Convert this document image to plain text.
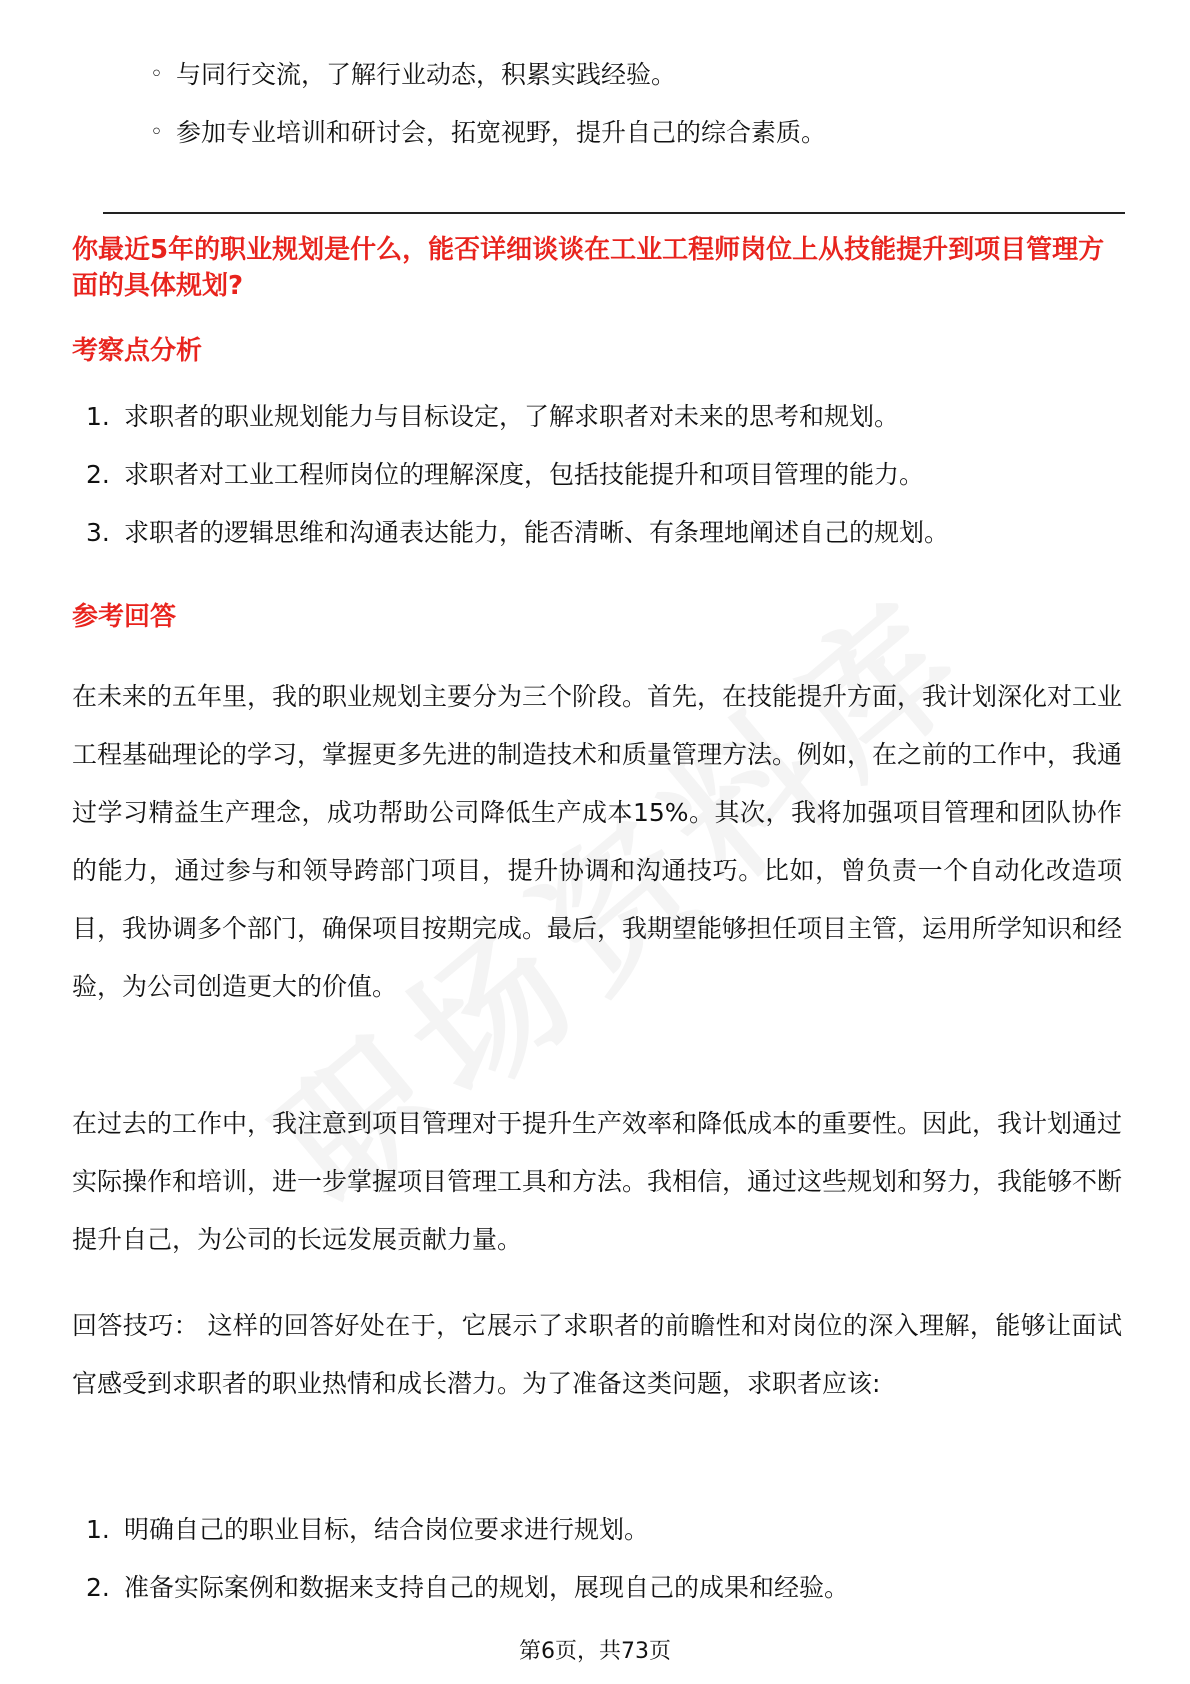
◦ 与同行交流，了解行业动态，积累实践经验。
◦ 参加专业培训和研讨会，拓宽视野，提升自己的综合素质。
你最近5年的职业规划是什么，能否详细谈谈在工业工程师岗位上从技能提升到项目管理方面的具体规划?
考察点分析
1. 求职者的职业规划能力与目标设定，了解求职者对未来的思考和规划。
2. 求职者对工业工程师岗位的理解深度，包括技能提升和项目管理的能力。
3. 求职者的逻辑思维和沟通表达能力，能否清晰、有条理地阐述自己的规划。
参考回答
在未来的五年里，我的职业规划主要分为三个阶段。首先，在技能提升方面，我计划深化对工业工程基础理论的学习，掌握更多先进的制造技术和质量管理方法。例如，在之前的工作中，我通过学习精益生产理念，成功帮助公司降低生产成本15%。其次，我将加强项目管理和团队协作的能力，通过参与和领导跨部门项目，提升协调和沟通技巧。比如，曾负责一个自动化改造项目，我协调多个部门，确保项目按期完成。最后，我期望能够担任项目主管，运用所学知识和经验，为公司创造更大的价值。
在过去的工作中，我注意到项目管理对于提升生产效率和降低成本的重要性。因此，我计划通过实际操作和培训，进一步掌握项目管理工具和方法。我相信，通过这些规划和努力，我能够不断提升自己，为公司的长远发展贡献力量。
回答技巧： 这样的回答好处在于，它展示了求职者的前瞻性和对岗位的深入理解，能够让面试官感受到求职者的职业热情和成长潜力。为了准备这类问题，求职者应该:
1. 明确自己的职业目标，结合岗位要求进行规划。
2. 准备实际案例和数据来支持自己的规划，展现自己的成果和经验。
第6页，共73页
